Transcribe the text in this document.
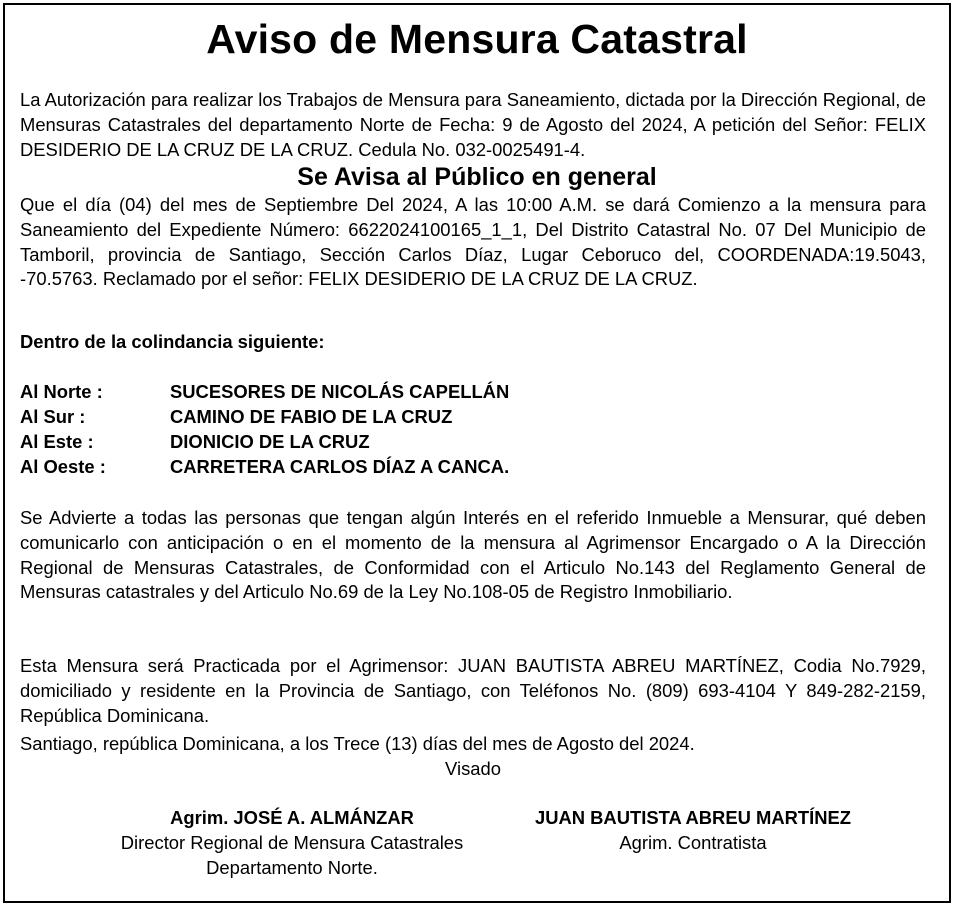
Aviso de Mensura Catastral
La Autorización para realizar los Trabajos de Mensura para Saneamiento, dictada por la Dirección Regional, de Mensuras Catastrales del departamento Norte de Fecha: 9 de Agosto del 2024, A petición del Señor: FELIX DESIDERIO DE LA CRUZ DE LA CRUZ. Cedula No. 032-0025491-4.
Se Avisa al Público en general
Que el día (04) del mes de Septiembre Del 2024, A las 10:00 A.M. se dará Comienzo a la mensura para Saneamiento del Expediente Número: 6622024100165_1_1, Del Distrito Catastral No. 07 Del Municipio de Tamboril, provincia de Santiago, Sección Carlos Díaz, Lugar Ceboruco del, COORDENADA:19.5043, -70.5763. Reclamado por el señor: FELIX DESIDERIO DE LA CRUZ DE LA CRUZ.
Dentro de la colindancia siguiente:
Al Norte :	SUCESORES DE NICOLÁS CAPELLÁN
Al Sur :	CAMINO DE FABIO DE LA CRUZ
Al Este :	DIONICIO DE LA CRUZ
Al Oeste :	CARRETERA CARLOS DÍAZ A CANCA.
Se Advierte a todas las personas que tengan algún Interés en el referido Inmueble a Mensurar, qué deben comunicarlo con anticipación o en el momento de la mensura al Agrimensor Encargado o A la Dirección Regional de Mensuras Catastrales, de Conformidad con el Articulo No.143 del Reglamento General de Mensuras catastrales y del Articulo No.69 de la Ley No.108-05 de Registro Inmobiliario.
Esta Mensura será Practicada por el Agrimensor: JUAN BAUTISTA ABREU MARTÍNEZ, Codia No.7929, domiciliado y residente en la Provincia de Santiago, con Teléfonos No. (809) 693-4104 Y 849-282-2159, República Dominicana.
Santiago, república Dominicana, a los Trece (13) días del mes de Agosto del 2024.
Visado
Agrim. JOSÉ A. ALMÁNZAR
Director Regional de Mensura Catastrales
Departamento Norte.
JUAN BAUTISTA ABREU MARTÍNEZ
Agrim. Contratista
